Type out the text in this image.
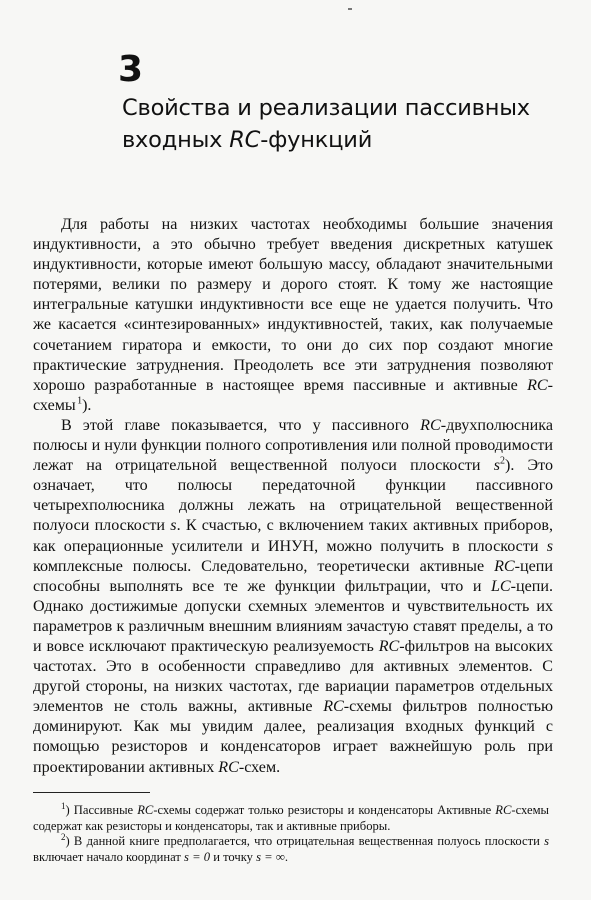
3
Свойства и реализации пассивных
входных RC-функций

Для работы на низких частотах необходимы большие значения индуктивности, а это обычно требует введения дискретных катушек индуктивности, которые имеют большую массу, обладают значительными потерями, велики по размеру и дорого стоят. К тому же настоящие интегральные катушки индуктивности все еще не удается получить. Что же касается «синтезированных» индуктивностей, таких, как получаемые сочетанием гиратора и емкости, то они до сих пор создают многие практические затруднения. Преодолеть все эти затруднения позволяют хорошо разработанные в настоящее время пассивные и активные RC-схемы $^1$).

В этой главе показывается, что у пассивного RC-двухполюсника полюсы и нули функции полного сопротивления или полной проводимости лежат на отрицательной вещественной полуоси плоскости $s^2$). Это означает, что полюсы передаточной функции пассивного четырехполюсника должны лежать на отрицательной вещественной полуоси плоскости s. К счастью, с включением таких активных приборов, как операционные усилители и ИНУН, можно получить в плоскости s комплексные полюсы. Следовательно, теоретически активные RC-цепи способны выполнять все те же функции фильтрации, что и LC-цепи. Однако достижимые допуски схемных элементов и чувствительность их параметров к различным внешним влияниям зачастую ставят пределы, а то и вовсе исключают практическую реализуемость RC-фильтров на высоких частотах. Это в особенности справедливо для активных элементов. С другой стороны, на низких частотах, где вариации параметров отдельных элементов не столь важны, активные RC-схемы фильтров полностью доминируют. Как мы увидим далее, реализация входных функций с помощью резисторов и конденсаторов играет важнейшую роль при проектировании активных RC-схем.

$^1$) Пассивные RC-схемы содержат только резисторы и конденсаторы Активные RC-схемы содержат как резисторы и конденсаторы, так и активные приборы.

$^2$) В данной книге предполагается, что отрицательная вещественная полуось плоскости s включает начало координат s = 0 и точку s = ∞.
